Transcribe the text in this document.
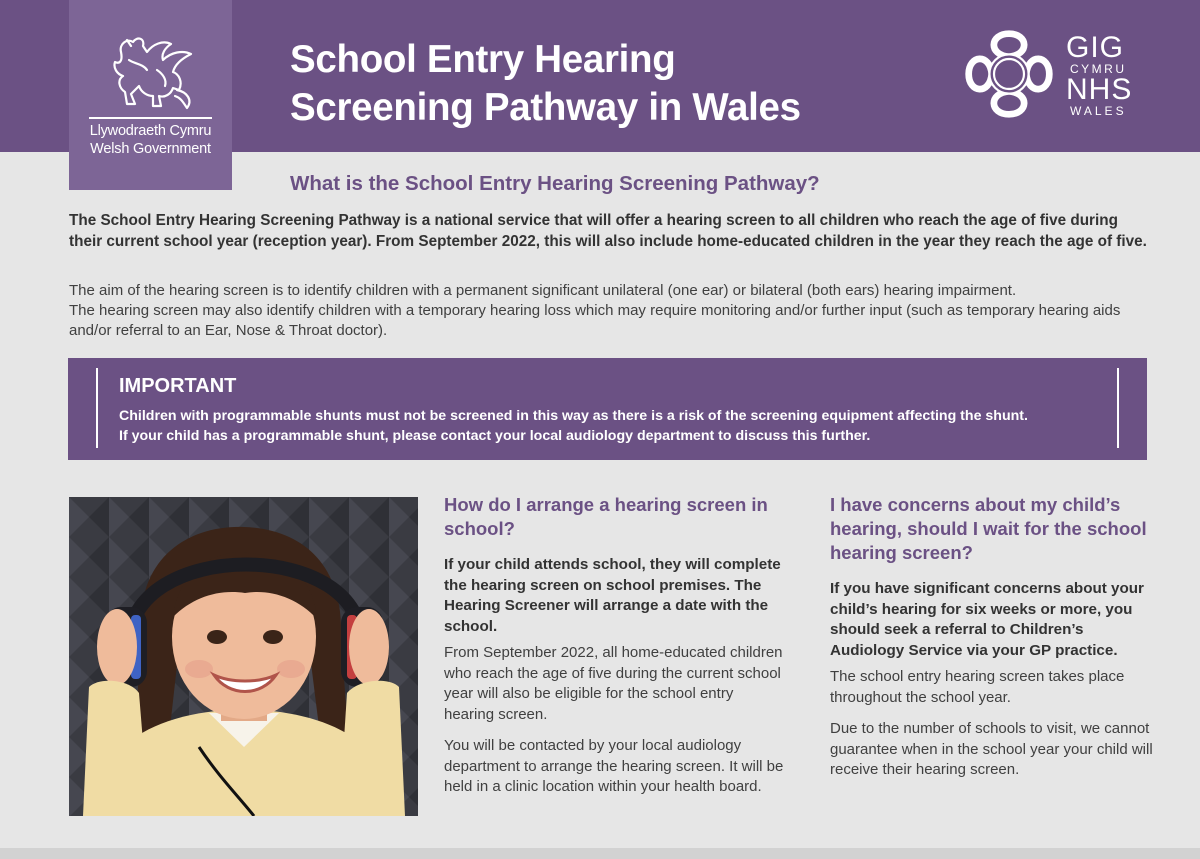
School Entry Hearing
Screening Pathway in Wales
GIG
CYMRU
NHS
WALES
Llywodraeth Cymru
Welsh Government
What is the School Entry Hearing Screening Pathway?
The School Entry Hearing Screening Pathway is a national service that will offer a hearing screen to all children who reach the age of five during their current school year (reception year). From September 2022, this will also include home-educated children in the year they reach the age of five.
The aim of the hearing screen is to identify children with a permanent significant unilateral (one ear) or bilateral (both ears) hearing impairment.
The hearing screen may also identify children with a temporary hearing loss which may require monitoring and/or further input (such as temporary hearing aids and/or referral to an Ear, Nose & Throat doctor).
IMPORTANT
Children with programmable shunts must not be screened in this way as there is a risk of the screening equipment affecting the shunt.
If your child has a programmable shunt, please contact your local audiology department to discuss this further.
How do I arrange a hearing screen in school?
If your child attends school, they will complete the hearing screen on school premises. The Hearing Screener will arrange a date with the school.
From September 2022, all home-educated children who reach the age of five during the current school year will also be eligible for the school entry hearing screen.
You will be contacted by your local audiology department to arrange the hearing screen. It will be held in a clinic location within your health board.
I have concerns about my child’s hearing, should I wait for the school hearing screen?
If you have significant concerns about your child’s hearing for six weeks or more, you should seek a referral to Children’s Audiology Service via your GP practice.
The school entry hearing screen takes place throughout the school year.
Due to the number of schools to visit, we cannot guarantee when in the school year your child will receive their hearing screen.
